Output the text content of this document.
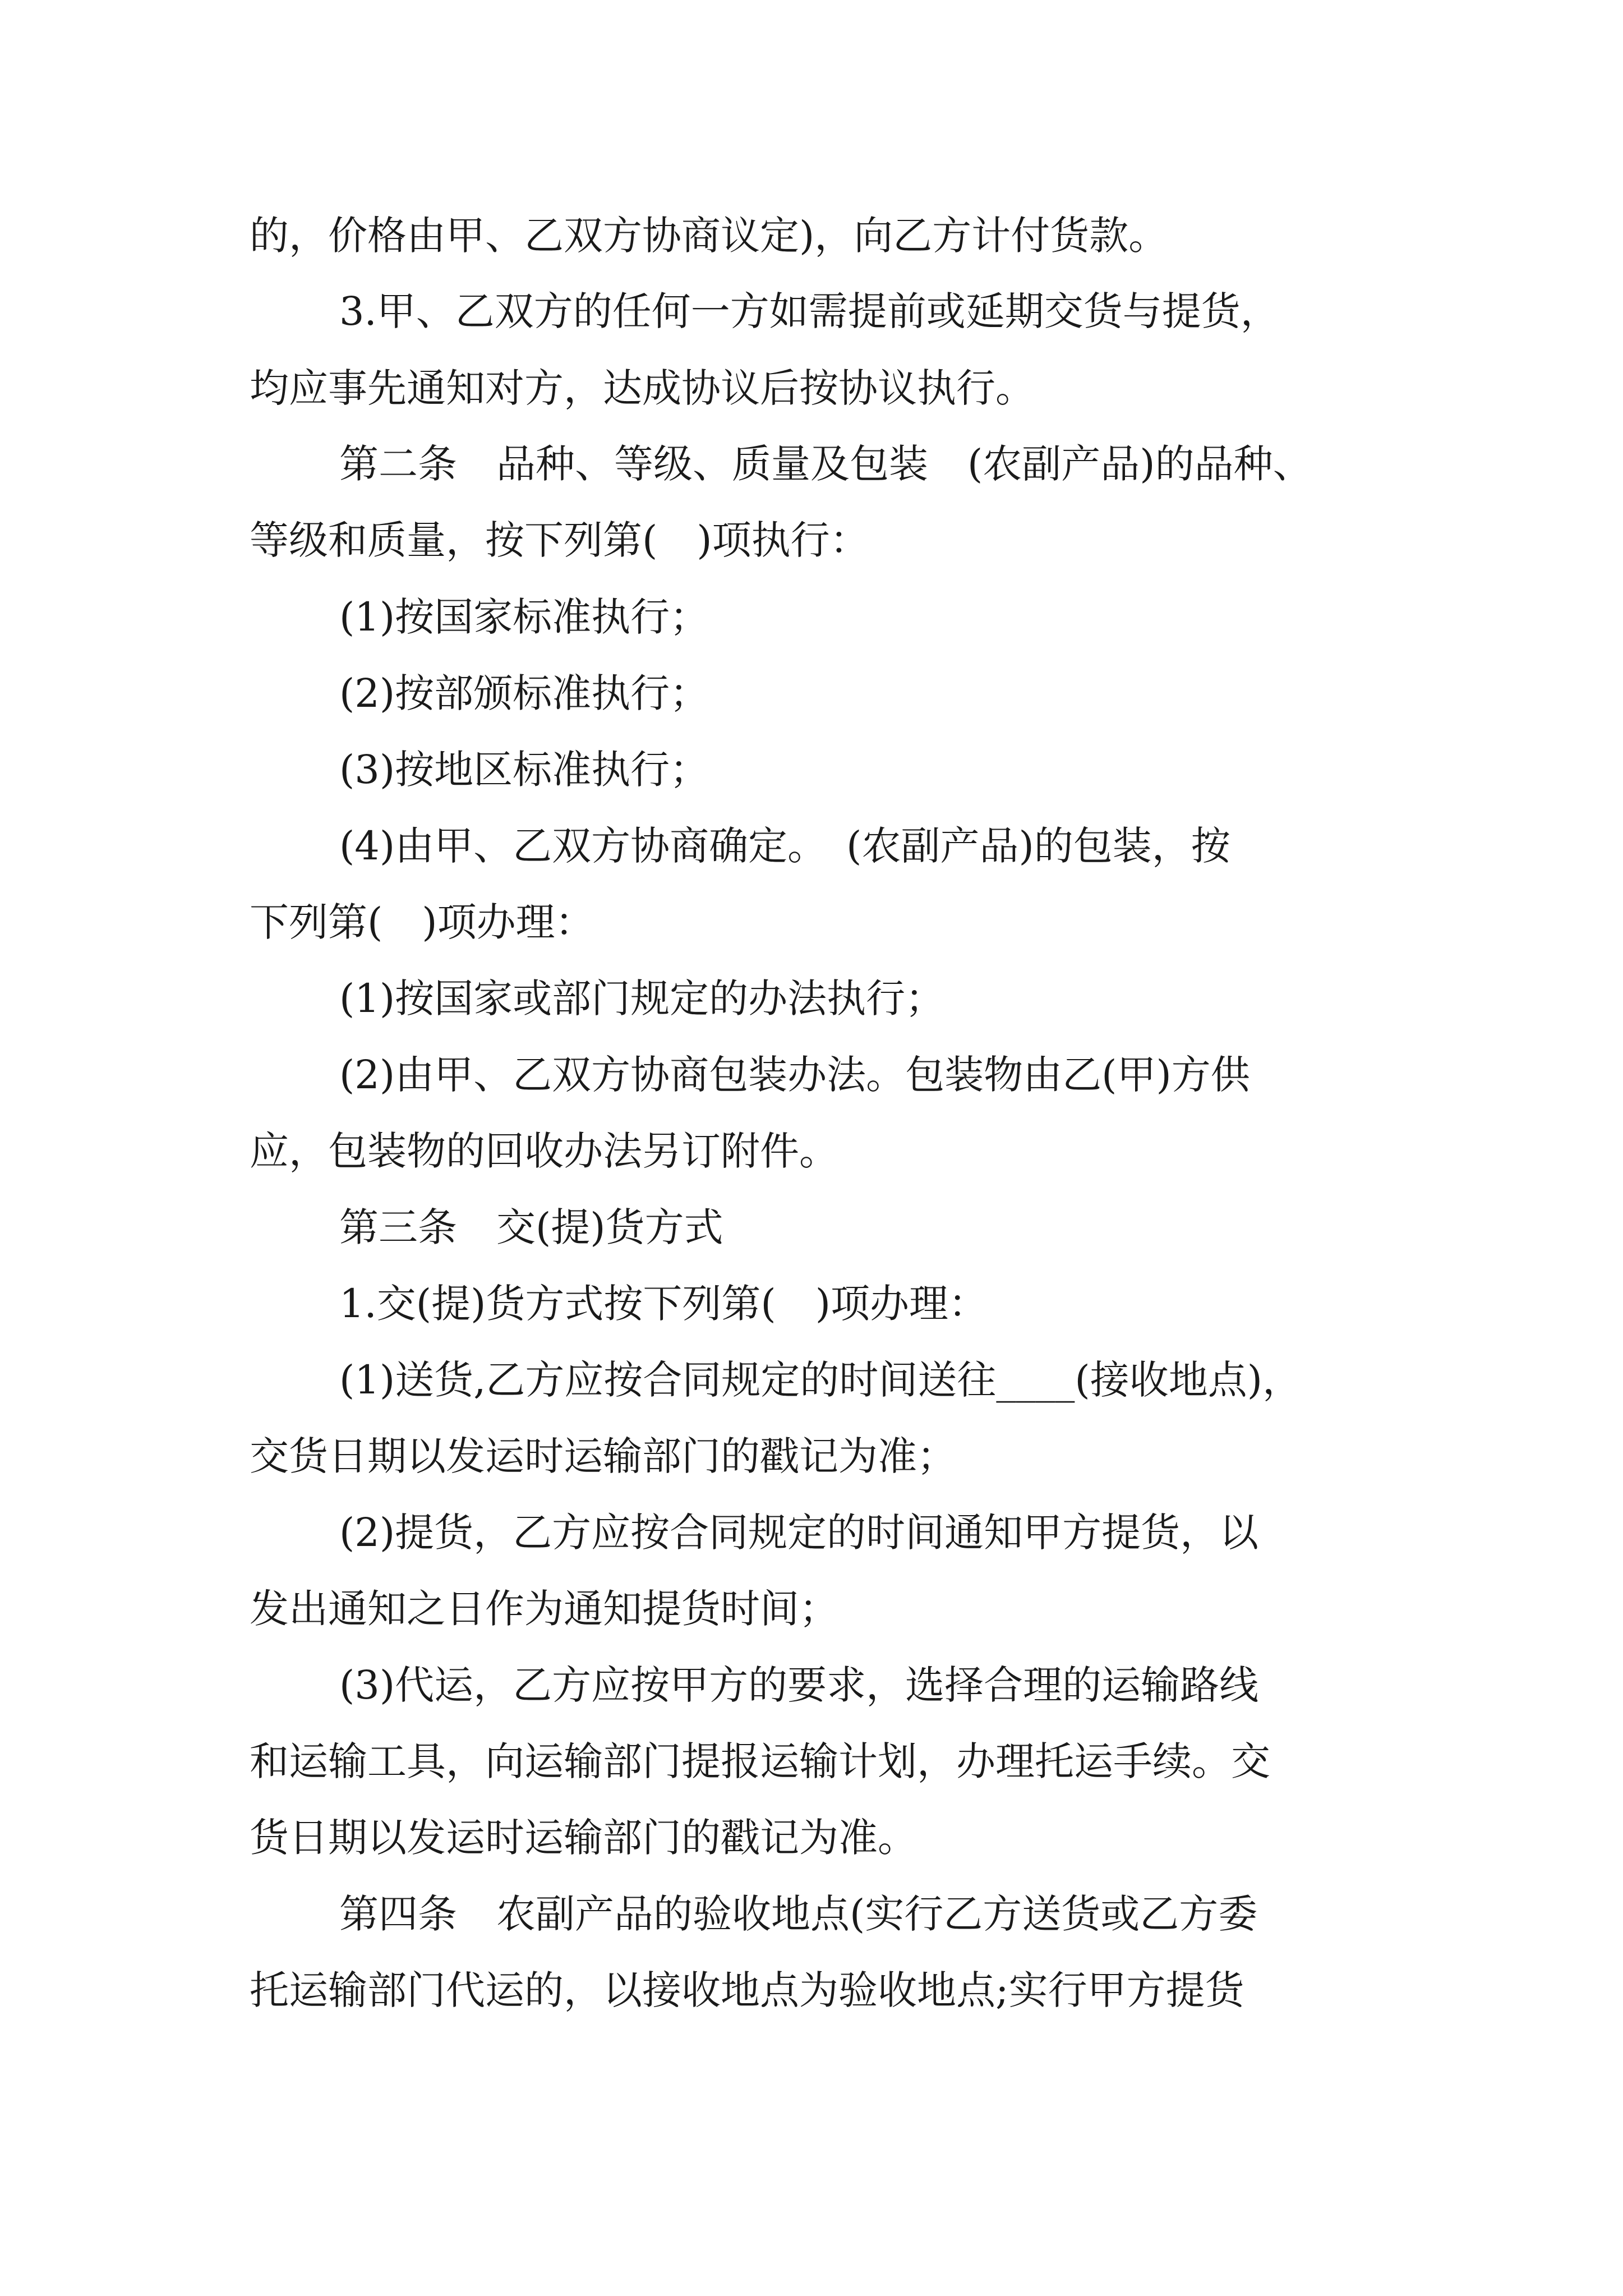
的，价格由甲、乙双方协商议定)，向乙方计付货款。

3.甲、乙双方的任何一方如需提前或延期交货与提货，

均应事先通知对方，达成协议后按协议执行。

第二条　品种、等级、质量及包装　(农副产品)的品种、

等级和质量，按下列第(　)项执行：

(1)按国家标准执行；

(2)按部颁标准执行；

(3)按地区标准执行；

(4)由甲、乙双方协商确定。　(农副产品)的包装，按

下列第(　)项办理：

(1)按国家或部门规定的办法执行；

(2)由甲、乙双方协商包装办法。包装物由乙(甲)方供

应，包装物的回收办法另订附件。

第三条　交(提)货方式

1.交(提)货方式按下列第(　)项办理：

(1)送货,乙方应按合同规定的时间送往____(接收地点)，

交货日期以发运时运输部门的戳记为准；

(2)提货，乙方应按合同规定的时间通知甲方提货，以

发出通知之日作为通知提货时间；

(3)代运，乙方应按甲方的要求，选择合理的运输路线

和运输工具，向运输部门提报运输计划，办理托运手续。交

货日期以发运时运输部门的戳记为准。

第四条　农副产品的验收地点(实行乙方送货或乙方委

托运输部门代运的，以接收地点为验收地点;实行甲方提货
